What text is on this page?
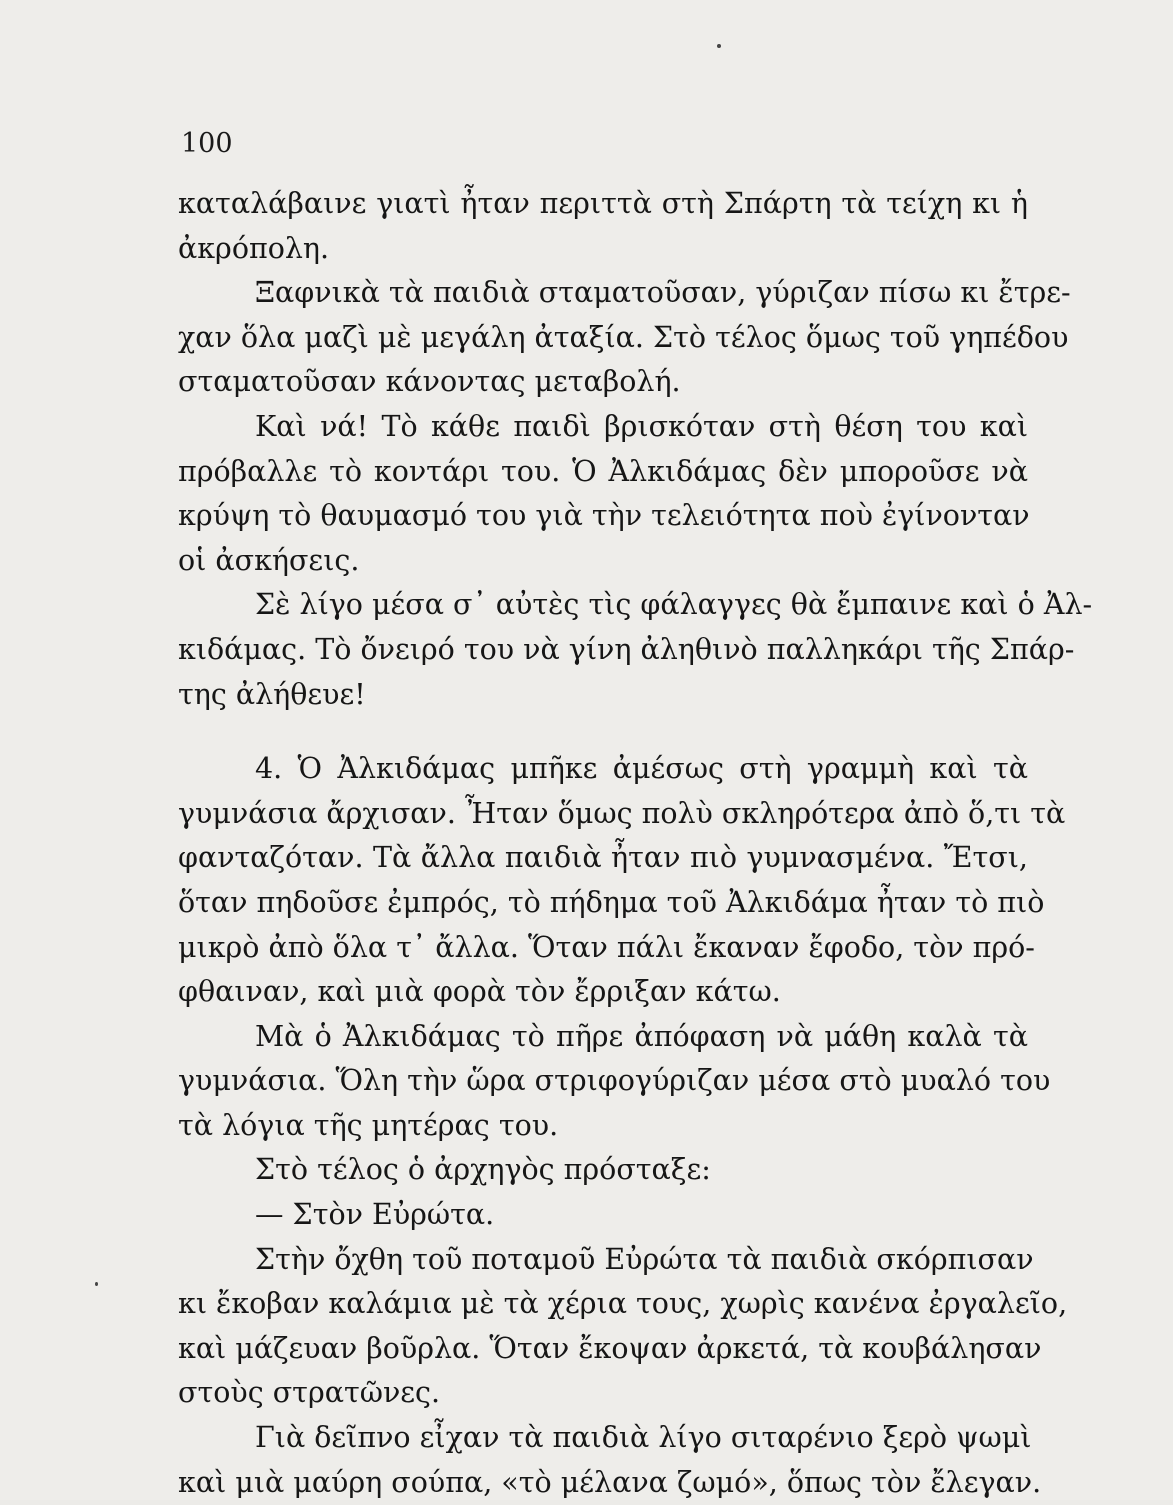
100
καταλάβαινε γιατὶ ἦταν περιττὰ στὴ Σπάρτη τὰ τείχη κι ἡ
ἀκρόπολη.
Ξαφνικὰ τὰ παιδιὰ σταματοῦσαν, γύριζαν πίσω κι ἔτρε-
χαν ὅλα μαζὶ μὲ μεγάλη ἀταξία. Στὸ τέλος ὅμως τοῦ γηπέδου
σταματοῦσαν κάνοντας μεταβολή.
Καὶ νά! Τὸ κάθε παιδὶ βρισκόταν στὴ θέση του καὶ
πρόβαλλε τὸ κοντάρι του. Ὁ Ἀλκιδάμας δὲν μποροῦσε νὰ
κρύψη τὸ θαυμασμό του γιὰ τὴν τελειότητα ποὺ ἐγίνονταν
οἱ ἀσκήσεις.
Σὲ λίγο μέσα σ᾿ αὐτὲς τὶς φάλαγγες θὰ ἔμπαινε καὶ ὁ Ἀλ-
κιδάμας. Τὸ ὄνειρό του νὰ γίνη ἀληθινὸ παλληκάρι τῆς Σπάρ-
της ἀλήθευε!
4. Ὁ Ἀλκιδάμας μπῆκε ἀμέσως στὴ γραμμὴ καὶ τὰ
γυμνάσια ἄρχισαν. Ἦταν ὅμως πολὺ σκληρότερα ἀπὸ ὅ,τι τὰ
φανταζόταν. Τὰ ἄλλα παιδιὰ ἦταν πιὸ γυμνασμένα. Ἔτσι,
ὅταν πηδοῦσε ἐμπρός, τὸ πήδημα τοῦ Ἀλκιδάμα ἦταν τὸ πιὸ
μικρὸ ἀπὸ ὅλα τ᾿ ἄλλα. Ὅταν πάλι ἔκαναν ἔφοδο, τὸν πρό-
φθαιναν, καὶ μιὰ φορὰ τὸν ἔρριξαν κάτω.
Μὰ ὁ Ἀλκιδάμας τὸ πῆρε ἀπόφαση νὰ μάθη καλὰ τὰ
γυμνάσια. Ὅλη τὴν ὥρα στριφογύριζαν μέσα στὸ μυαλό του
τὰ λόγια τῆς μητέρας του.
Στὸ τέλος ὁ ἀρχηγὸς πρόσταξε:
— Στὸν Εὐρώτα.
Στὴν ὄχθη τοῦ ποταμοῦ Εὐρώτα τὰ παιδιὰ σκόρπισαν
κι ἔκοβαν καλάμια μὲ τὰ χέρια τους, χωρὶς κανένα ἐργαλεῖο,
καὶ μάζευαν βοῦρλα. Ὅταν ἔκοψαν ἀρκετά, τὰ κουβάλησαν
στοὺς στρατῶνες.
Γιὰ δεῖπνο εἶχαν τὰ παιδιὰ λίγο σιταρένιο ξερὸ ψωμὶ
καὶ μιὰ μαύρη σούπα, «τὸ μέλανα ζωμό», ὅπως τὸν ἔλεγαν.
